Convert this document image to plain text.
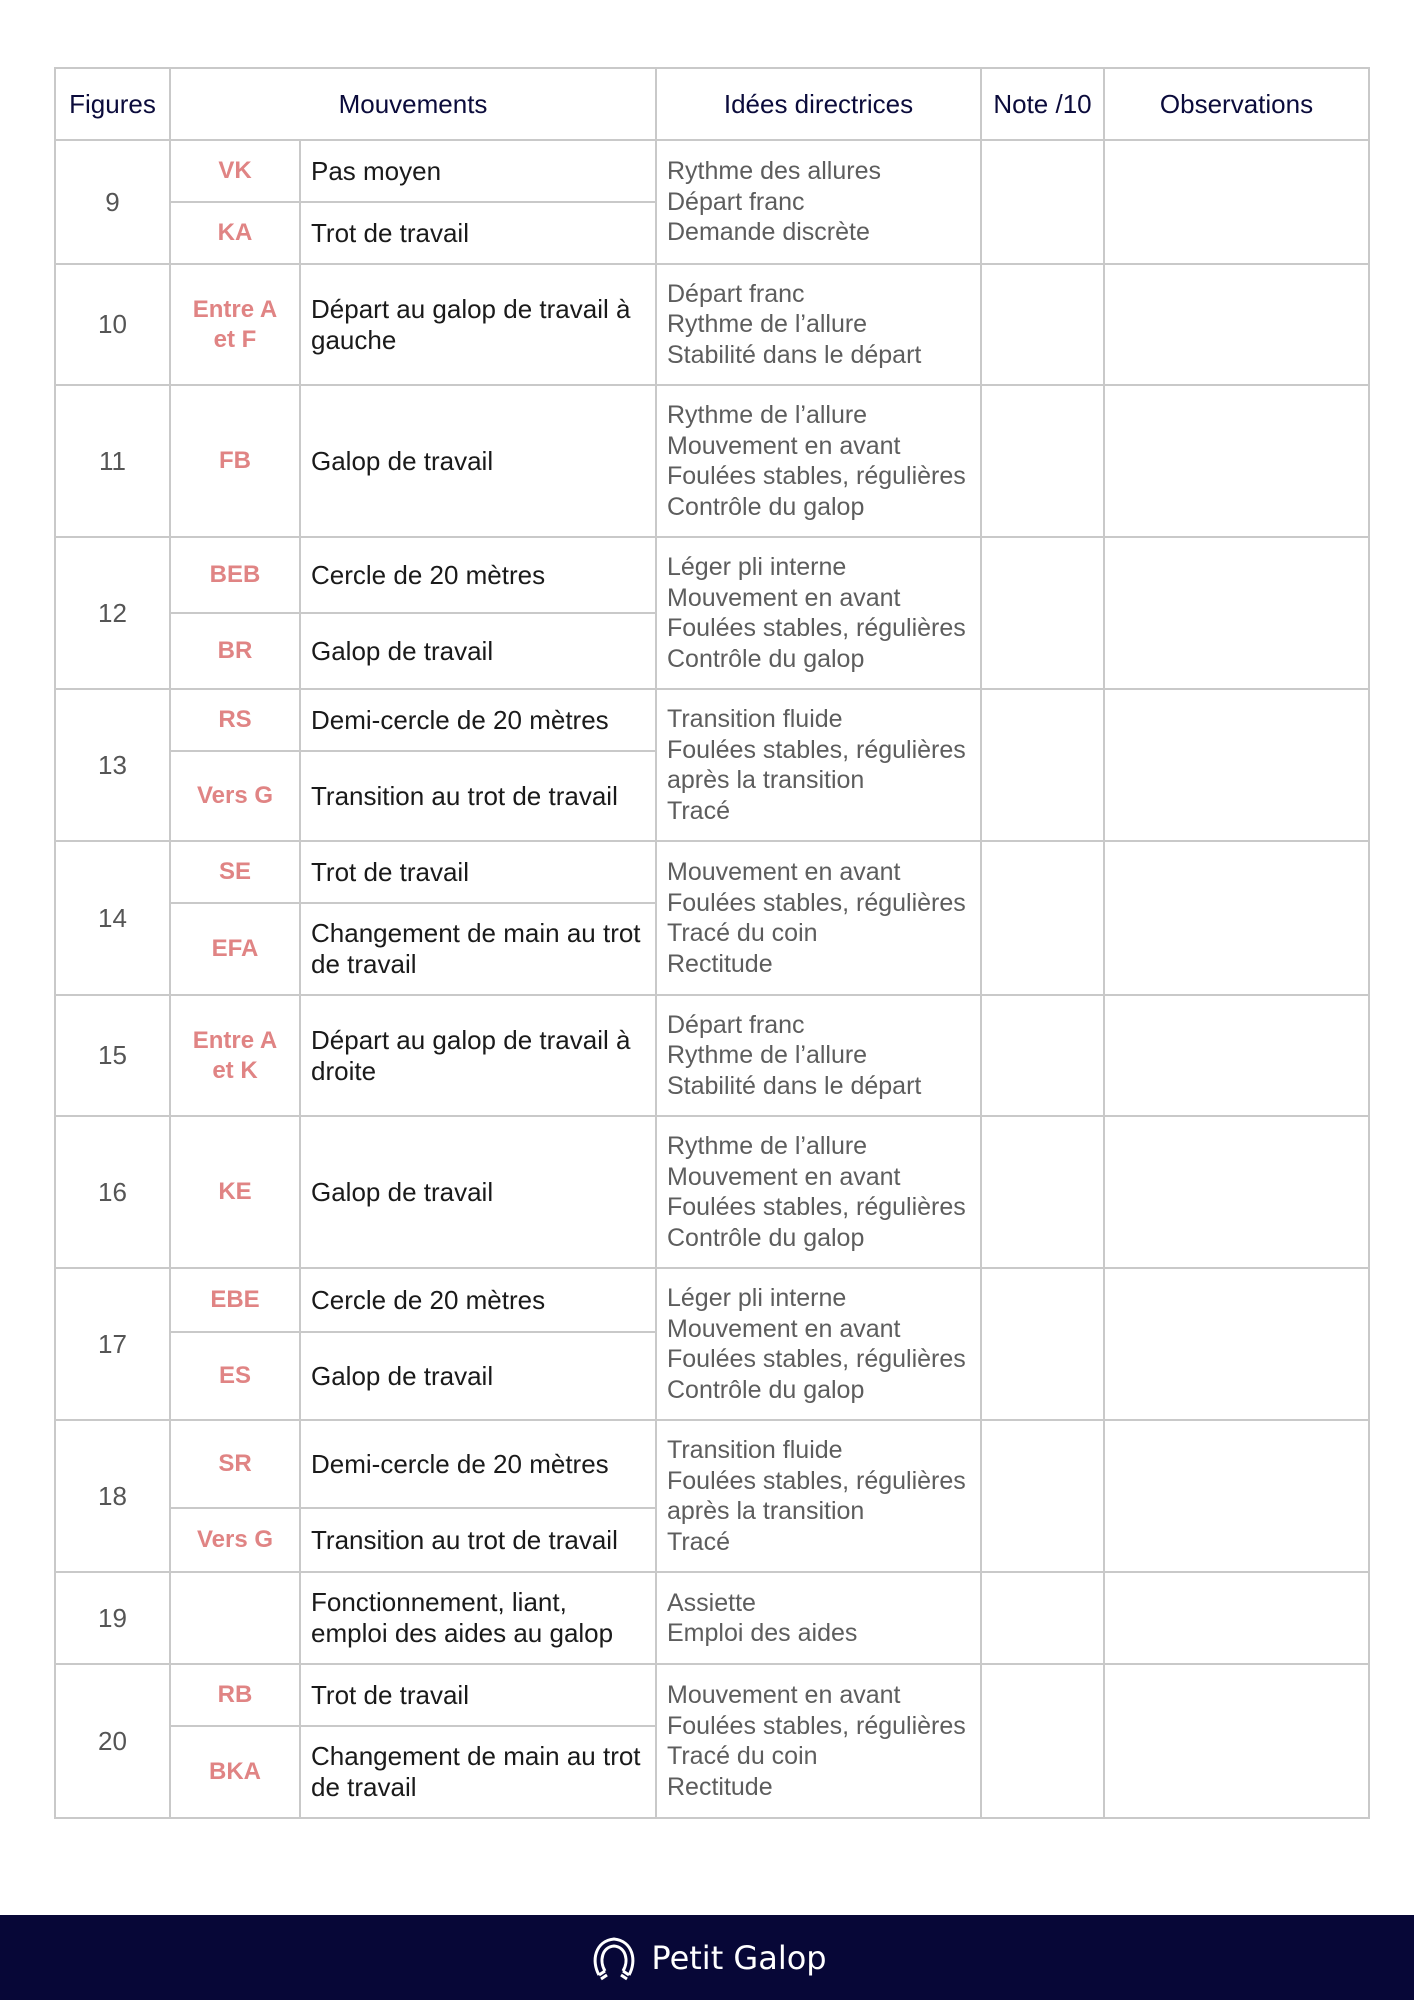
Figures	Mouvements		Idées directrices	Note /10	Observations
9	VK	Pas moyen	Rythme des allures
Départ franc
Demande discrète		

	KA	Trot de travail			
10	Entre A et F	Départ au galop de travail à gauche	Départ franc
Rythme de l’allure
Stabilité dans le départ		

11	FB	Galop de travail	Rythme de l’allure
Mouvement en avant
Foulées stables, régulières
Contrôle du galop		

12	BEB	Cercle de 20 mètres	Léger pli interne
Mouvement en avant
Foulées stables, régulières
Contrôle du galop		

	BR	Galop de travail			
13	RS	Demi-cercle de 20 mètres	Transition fluide
Foulées stables, régulières
après la transition
Tracé		

	Vers G	Transition au trot de travail			
14	SE	Trot de travail	Mouvement en avant
Foulées stables, régulières
Tracé du coin
Rectitude		

	EFA	Changement de main au trot de travail			
15	Entre A et K	Départ au galop de travail à droite	Départ franc
Rythme de l’allure
Stabilité dans le départ		

16	KE	Galop de travail	Rythme de l’allure
Mouvement en avant
Foulées stables, régulières
Contrôle du galop		

17	EBE	Cercle de 20 mètres	Léger pli interne
Mouvement en avant
Foulées stables, régulières
Contrôle du galop		

	ES	Galop de travail			
18	SR	Demi-cercle de 20 mètres	Transition fluide
Foulées stables, régulières
après la transition
Tracé		

	Vers G	Transition au trot de travail			
19		Fonctionnement, liant, emploi des aides au galop	Assiette
Emploi des aides		

20	RB	Trot de travail	Mouvement en avant
Foulées stables, régulières
Tracé du coin
Rectitude		

	BKA	Changement de main au trot de travail			
Petit Galop
